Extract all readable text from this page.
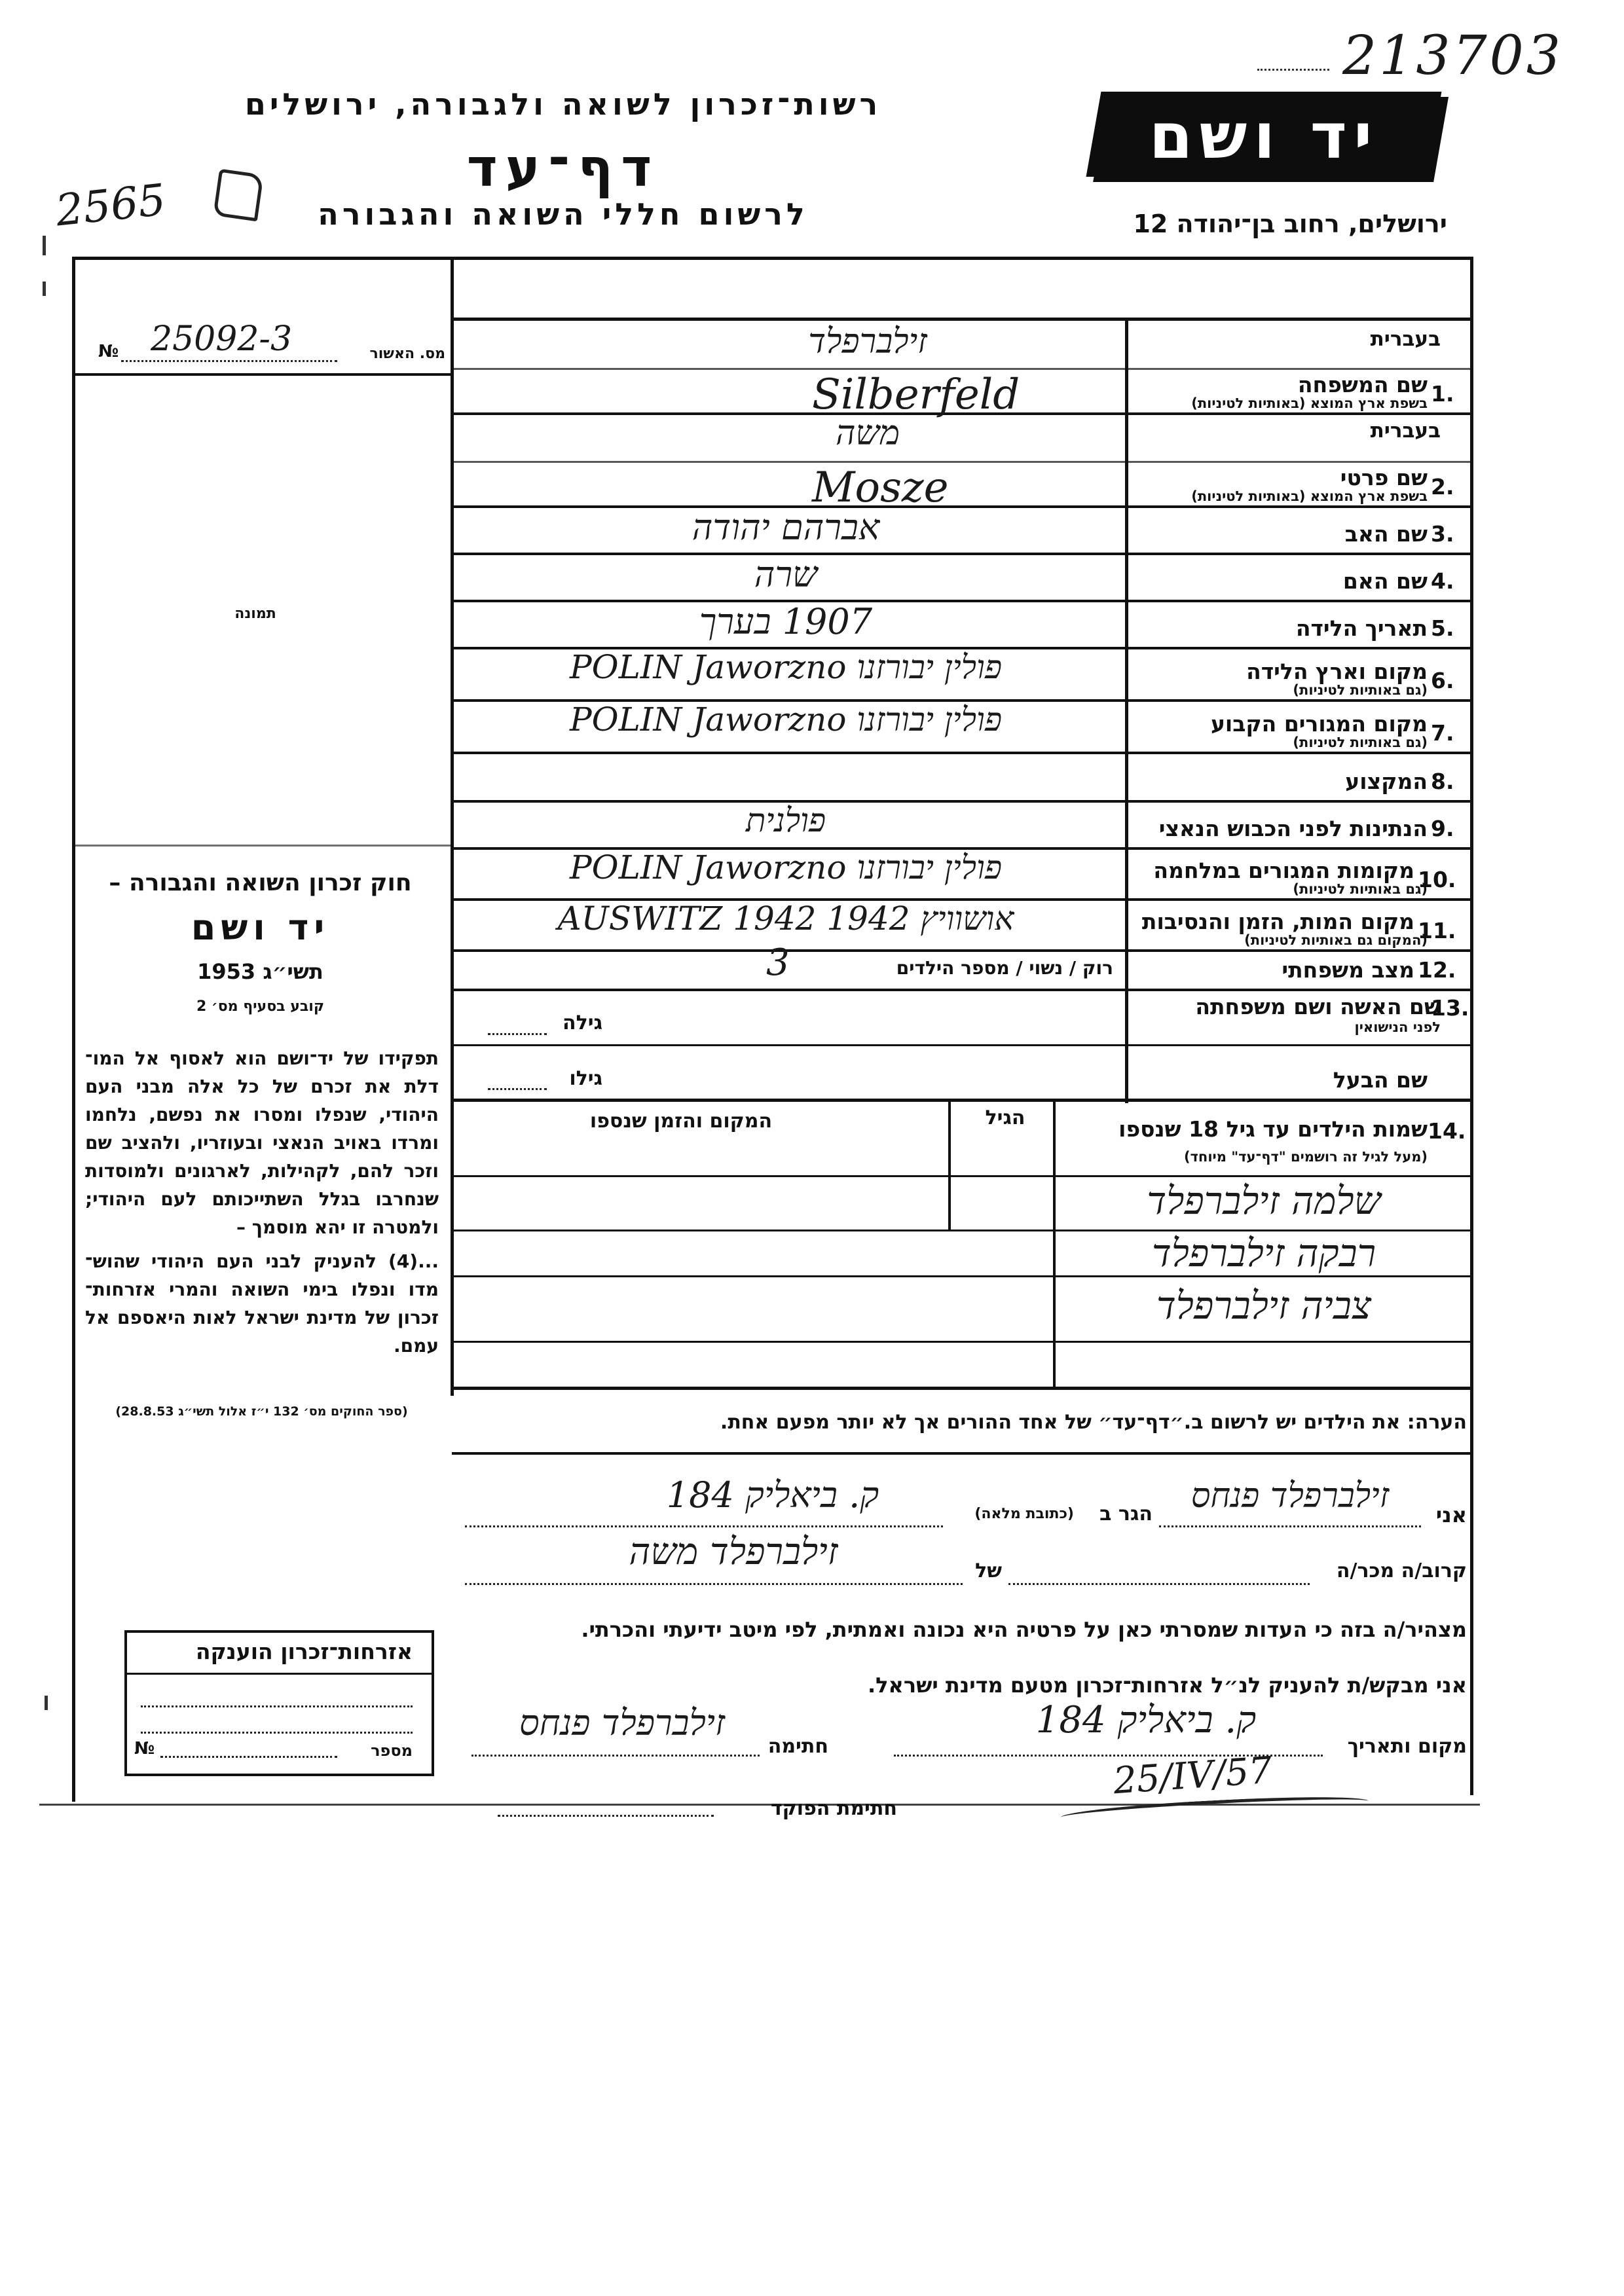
213703
2565
רשות־זכרון לשואה ולגבורה, ירושלים
דף־עד
לרשום חללי השואה והגבורה
יד ושם
ירושלים, רחוב בן־יהודה 12
מס. האשור
№ 25092-3
תמונה
חוק זכרון השואה והגבורה –
יד ושם
תשי״ג 1953
קובע בסעיף מס׳ 2
תפקידו של יד־ושם הוא לאסוף אל המו־ דלת את זכרם של כל אלה מבני העם היהודי, שנפלו ומסרו את נפשם, נלחמו ומרדו באויב הנאצי ובעוזריו, ולהציב שם וזכר להם, לקהילות, לארגונים ולמוסדות שנחרבו בגלל השתייכותם לעם היהודי; ולמטרה זו יהא מוסמך –
...(4) להעניק לבני העם היהודי שהוש־ מדו ונפלו בימי השואה והמרי אזרחות־ זכרון של מדינת ישראל לאות היאספם אל עמם.
(ספר החוקים מס׳ 132 י״ז אלול תשי״ג 28.8.53)
1.
שם המשפחה
בשפת ארץ המוצא (באותיות לטיניות)
בעברית
זילברפלד
Silberfeld
2.
שם פרטי
בשפת ארץ המוצא (באותיות לטיניות)
בעברית
משה
Mosze
3.
שם האב
אברהם יהודה
4.
שם האם
שרה
5.
תאריך הלידה
1907 בערך
6.
מקום וארץ הלידה
(גם באותיות לטיניות)
פולין יבורזנו POLIN Jaworzno
7.
מקום המגורים הקבוע
(גם באותיות לטיניות)
פולין יבורזנו POLIN Jaworzno
8.
המקצוע
9.
הנתינות לפני הכבוש הנאצי
פולנית
10.
מקומות המגורים במלחמה
(גם באותיות לטיניות)
פולין יבורזנו POLIN Jaworzno
11.
מקום המות, הזמן והנסיבות
(המקום גם באותיות לטיניות)
אושוויץ 1942 AUSWITZ 1942
12.
מצב משפחתי
רוק / נשוי / מספר הילדים
3
שם האשה ושם משפחתה
לפני הנישואין
13.
גילה
שם הבעל
גילו
שמות הילדים עד גיל 18 שנספו 14.
(מעל לגיל זה רושמים "דף־עד" מיוחד)
הגיל
המקום והזמן שנספו
שלמה זילברפלד
רבקה זילברפלד
צביה זילברפלד
הערה: את הילדים יש לרשום ב.״דף־עד״ של אחד ההורים אך לא יותר מפעם אחת.
אני
זילברפלד פנחס
הגר ב
(כתובת מלאה)
ק. ביאליק 184
קרוב/ה מכר/ה
של
זילברפלד משה
מצהיר/ה בזה כי העדות שמסרתי כאן על פרטיה היא נכונה ואמתית, לפי מיטב ידיעתי והכרתי.
אני מבקש/ת להעניק לנ״ל אזרחות־זכרון מטעם מדינת ישראל.
מקום ותאריך
ק. ביאליק 184
25/IV/57
חתימה
זילברפלד פנחס
חתימת הפוקד
אזרחות־זכרון הוענקה
מספר
№
